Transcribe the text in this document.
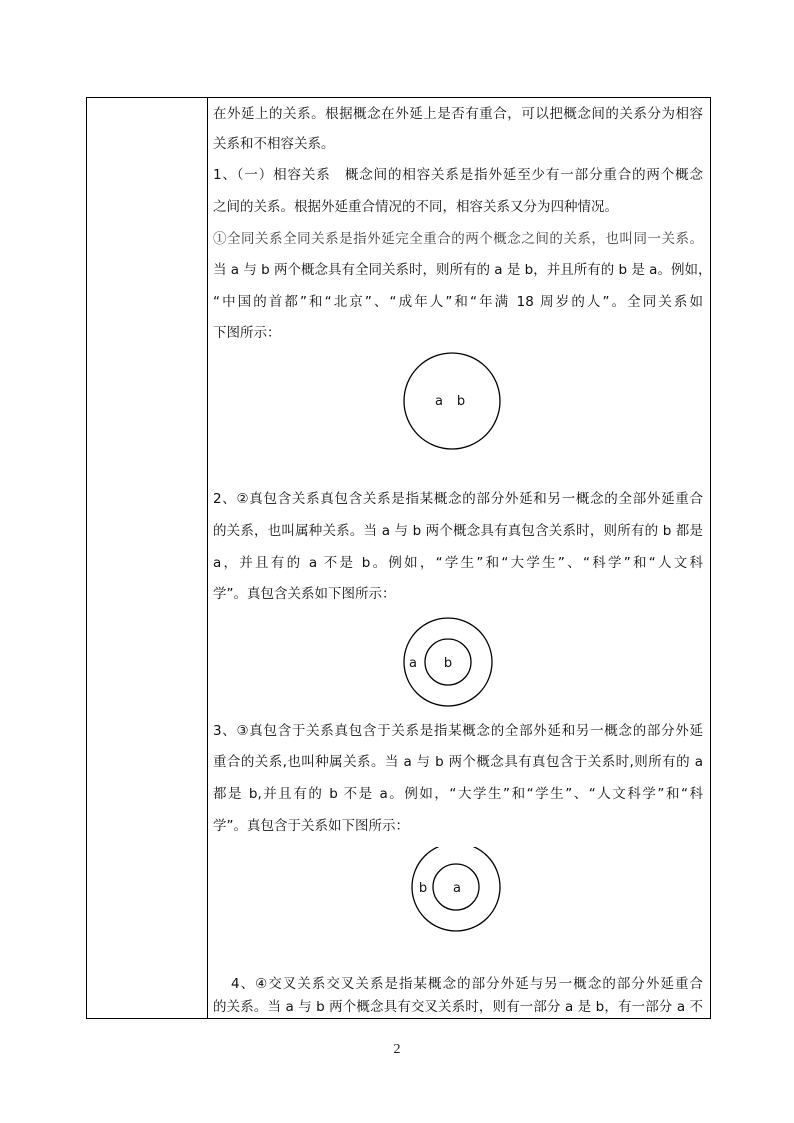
在外延上的关系。根据概念在外延上是否有重合，可以把概念间的关系分为相容
关系和不相容关系。
1、（一）相容关系　概念间的相容关系是指外延至少有一部分重合的两个概念
之间的关系。根据外延重合情况的不同，相容关系又分为四种情况。
①全同关系全同关系是指外延完全重合的两个概念之间的关系，也叫同一关系。
当 a 与 b 两个概念具有全同关系时，则所有的 a 是 b，并且所有的 b 是 a。例如，
“中国的首都”和“北京”、“成年人”和“年满 18 周岁的人”。全同关系如
下图所示：
a b
2、②真包含关系真包含关系是指某概念的部分外延和另一概念的全部外延重合
的关系，也叫属种关系。当 a 与 b 两个概念具有真包含关系时，则所有的 b 都是
a，并且有的 a 不是 b。例如，“学生”和“大学生”、“科学”和“人文科
学”。真包含关系如下图所示：
a b
3、③真包含于关系真包含于关系是指某概念的全部外延和另一概念的部分外延
重合的关系,也叫种属关系。当 a 与 b 两个概念具有真包含于关系时,则所有的 a
都是 b,并且有的 b 不是 a。例如，“大学生”和“学生”、“人文科学”和“科
学”。真包含于关系如下图所示：
b a
4、④交叉关系交叉关系是指某概念的部分外延与另一概念的部分外延重合
的关系。当 a 与 b 两个概念具有交叉关系时，则有一部分 a 是 b，有一部分 a 不
2
